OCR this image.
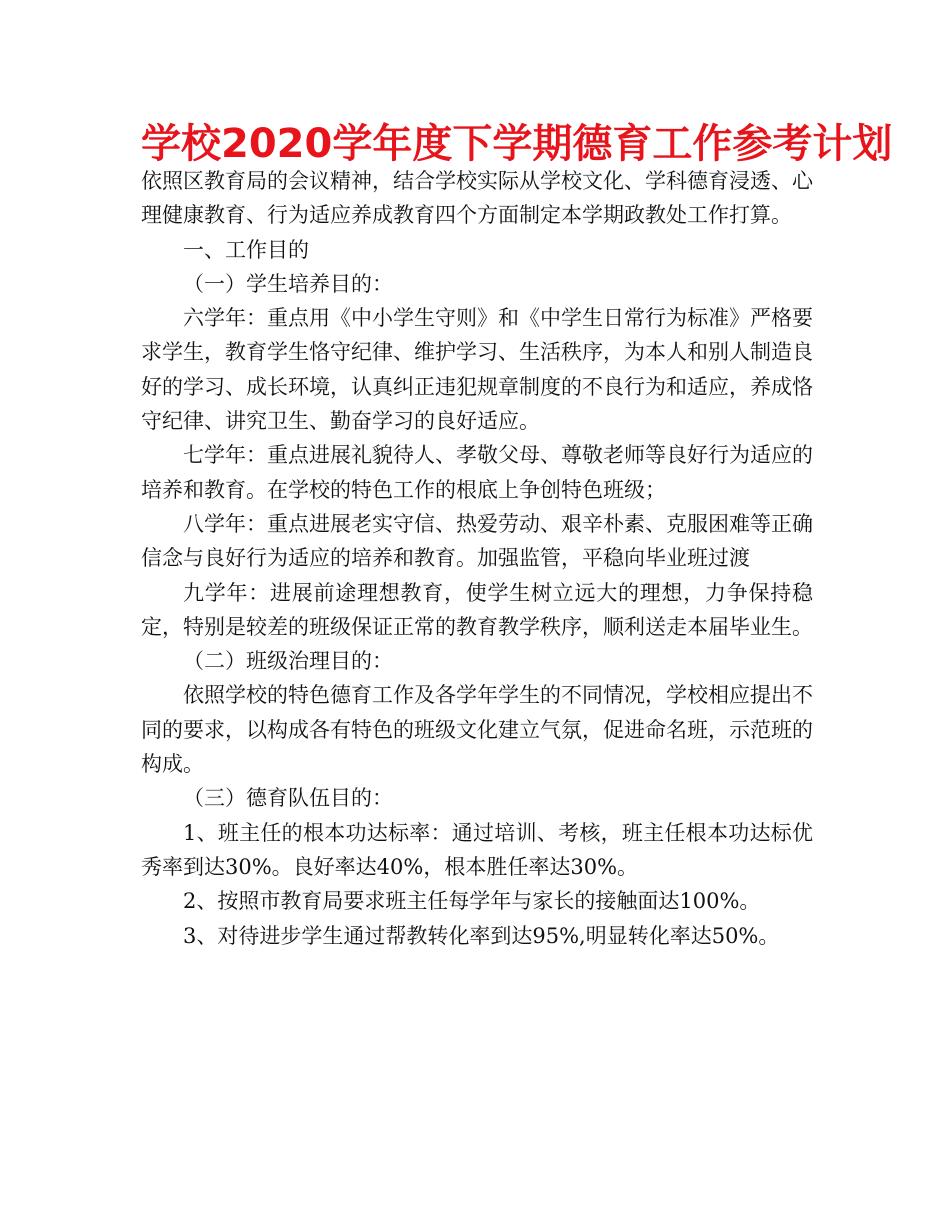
学校2020学年度下学期德育工作参考计划

依照区教育局的会议精神，结合学校实际从学校文化、学科德育浸透、心理健康教育、行为适应养成教育四个方面制定本学期政教处工作打算。

一、工作目的

（一）学生培养目的：

六学年：重点用《中小学生守则》和《中学生日常行为标准》严格要求学生，教育学生恪守纪律、维护学习、生活秩序，为本人和别人制造良好的学习、成长环境，认真纠正违犯规章制度的不良行为和适应，养成恪守纪律、讲究卫生、勤奋学习的良好适应。

七学年：重点进展礼貌待人、孝敬父母、尊敬老师等良好行为适应的培养和教育。在学校的特色工作的根底上争创特色班级；

八学年：重点进展老实守信、热爱劳动、艰辛朴素、克服困难等正确信念与良好行为适应的培养和教育。加强监管，平稳向毕业班过渡

九学年：进展前途理想教育，使学生树立远大的理想，力争保持稳定，特别是较差的班级保证正常的教育教学秩序，顺利送走本届毕业生。

（二）班级治理目的：

依照学校的特色德育工作及各学年学生的不同情况，学校相应提出不同的要求，以构成各有特色的班级文化建立气氛，促进命名班，示范班的构成。

（三）德育队伍目的：

1、班主任的根本功达标率：通过培训、考核，班主任根本功达标优秀率到达30%。良好率达40%，根本胜任率达30%。

2、按照市教育局要求班主任每学年与家长的接触面达100%。

3、对待进步学生通过帮教转化率到达95%,明显转化率达50%。
